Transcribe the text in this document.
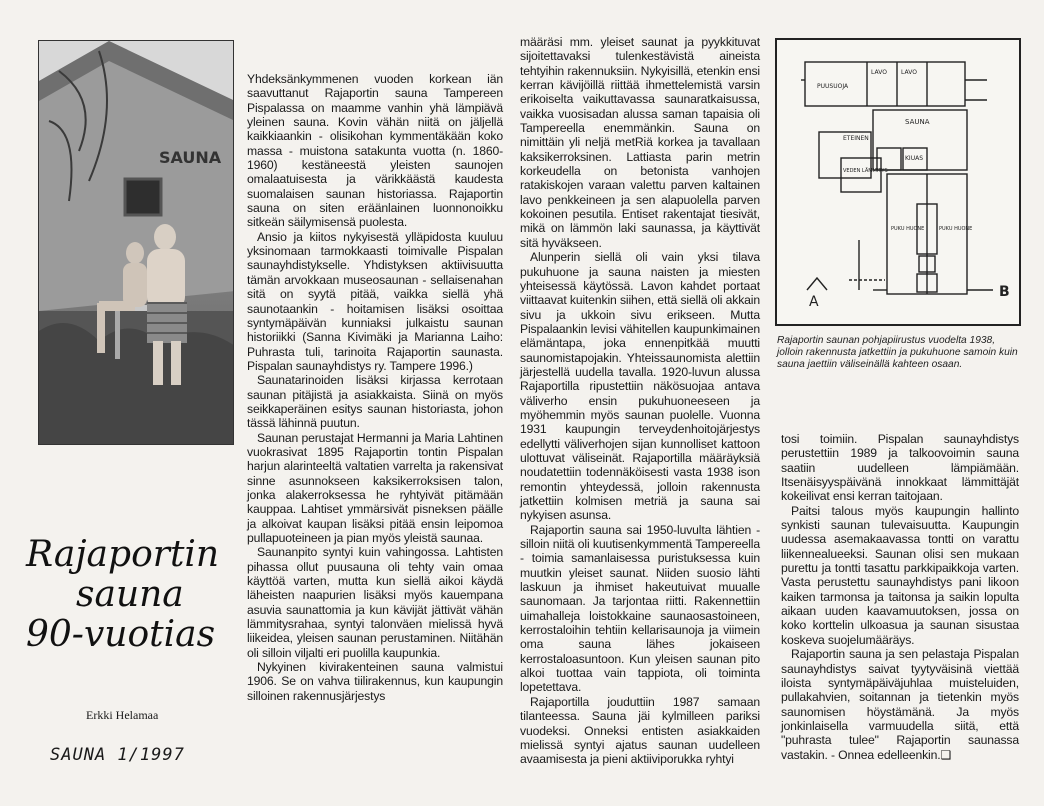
SAUNA
Rajaportin
sauna
90-vuotias
Erkki Helamaa
SAUNA 1/1997

Yhdeksänkymmenen vuoden korkean iän saavuttanut Rajaportin sauna Tampereen Pispalassa on maamme vanhin yhä lämpiävä yleinen sauna. Kovin vähän niitä on jäljellä kaikkiaankin - olisikohan kymmentäkään koko massa - muistona satakunta vuotta (n. 1860-1960) kestäneestä yleisten saunojen omalaatuisesta ja värikkäästä kaudesta suomalaisen saunan historiassa. Rajaportin sauna on siten eräänlainen luonnonoikku sitkeän säilymisensä puolesta.

Ansio ja kiitos nykyisestä ylläpidosta kuuluu yksinomaan tarmokkaasti toimivalle Pispalan saunayhdistykselle. Yhdistyksen aktiivisuutta tämän arvokkaan museosaunan - sellaisenahan sitä on syytä pitää, vaikka siellä yhä saunotaankin - hoitamisen lisäksi osoittaa syntymäpäivän kunniaksi julkaistu saunan historiikki (Sanna Kivimäki ja Marianna Laiho: Puhrasta tuli, tarinoita Rajaportin saunasta. Pispalan saunayhdistys ry. Tampere 1996.)

Saunatarinoiden lisäksi kirjassa kerrotaan saunan pitäjistä ja asiakkaista. Siinä on myös seikkaperäinen esitys saunan historiasta, johon tässä lähinnä puutun.

Saunan perustajat Hermanni ja Maria Lahtinen vuokrasivat 1895 Rajaportin tontin Pispalan harjun alarinteeltä valtatien varrelta ja rakensivat sinne asunnokseen kaksikerroksisen talon, jonka alakerroksessa he ryhtyivät pitämään kauppaa. Lahtiset ymmärsivät pisneksen päälle ja alkoivat kaupan lisäksi pitää ensin leipomoa pullapuoteineen ja pian myös yleistä saunaa.

Saunanpito syntyi kuin vahingossa. Lahtisten pihassa ollut puusauna oli tehty vain omaa käyttöä varten, mutta kun siellä aikoi käydä läheisten naapurien lisäksi myös kauempana asuvia saunattomia ja kun kävijät jättivät vähän lämmitysrahaa, syntyi talonväen mielissä hyvä liikeidea, yleisen saunan perustaminen. Niitähän oli silloin viljalti eri puolilla kaupunkia.

Nykyinen kivirakenteinen sauna valmistui 1906. Se on vahva tiilirakennus, kun kaupungin silloinen rakennusjärjestys

määräsi mm. yleiset saunat ja pyykkituvat sijoitettavaksi tulenkestävistä aineista tehtyihin rakennuksiin. Nykyisillä, etenkin ensi kerran kävijöillä riittää ihmettelemistä varsin erikoiselta vaikuttavassa saunaratkaisussa, vaikka vuosisadan alussa saman tapaisia oli Tampereella enemmänkin. Sauna on nimittäin yli neljä metRiä korkea ja tavallaan kaksikerroksinen. Lattiasta parin metrin korkeudella on betonista vanhojen ratakiskojen varaan valettu parven kaltainen lavo penkkeineen ja sen alapuolella parven kokoinen pesutila. Entiset rakentajat tiesivät, mikä on lämmön laki saunassa, ja käyttivät sitä hyväkseen.

Alunperin siellä oli vain yksi tilava pukuhuone ja sauna naisten ja miesten yhteisessä käytössä. Lavon kahdet portaat viittaavat kuitenkin siihen, että siellä oli akkain sivu ja ukkoin sivu erikseen. Mutta Pispalaankin levisi vähitellen kaupunkimainen elämäntapa, joka ennenpitkää muutti saunomistapojakin. Yhteissaunomista alettiin järjestellä uudella tavalla. 1920-luvun alussa Rajaportilla ripustettiin näkösuojaa antava väliverho ensin pukuhuoneeseen ja myöhemmin myös saunan puolelle. Vuonna 1931 kaupungin terveydenhoitojärjestys edellytti väliverhojen sijan kunnolliset kattoon ulottuvat väliseinät. Rajaportilla määräyksiä noudatettiin todennäköisesti vasta 1938 ison remontin yhteydessä, jolloin rakennusta jatkettiin kolmisen metriä ja sauna sai nykyisen asunsa.

Rajaportin sauna sai 1950-luvulta lähtien - silloin niitä oli kuutisenkymmentä Tampereella - toimia samanlaisessa puristuksessa kuin muutkin yleiset saunat. Niiden suosio lähti laskuun ja ihmiset hakeutuivat muualle saunomaan. Ja tarjontaa riitti. Rakennettiin uimahalleja loistokkaine saunaosastoineen, kerrostaloihin tehtiin kellarisaunoja ja viimein oma sauna lähes jokaiseen kerrostaloasuntoon. Kun yleisen saunan pito alkoi tuottaa vain tappiota, oli toiminta lopetettava.

Rajaportilla jouduttiin 1987 samaan tilanteessa. Sauna jäi kylmilleen pariksi vuodeksi. Onneksi entisten asiakkaiden mielissä syntyi ajatus saunan uudelleen avaamisesta ja pieni aktiiviporukka ryhtyi

PUUSUOJA
LAVO LAVO
SAUNA
ETEINEN
KIUAS
VEDEN LÄMMITYS
PUKU HUONE	PUKU HUONE
A
B
Rajaportin saunan pohjapiirustus vuodelta 1938, jolloin rakennusta jatkettiin ja pukuhuone samoin kuin sauna jaettiin väliseinällä kahteen osaan.

tosi toimiin. Pispalan saunayhdistys perustettiin 1989 ja talkoovoimin sauna saatiin uudelleen lämpiämään. Itsenäisyyspäivänä innokkaat lämmittäjät kokeilivat ensi kerran taitojaan.

Paitsi talous myös kaupungin hallinto synkisti saunan tulevaisuutta. Kaupungin uudessa asemakaavassa tontti on varattu liikennealueeksi. Saunan olisi sen mukaan purettu ja tontti tasattu parkkipaikkoja varten. Vasta perustettu saunayhdistys pani likoon kaiken tarmonsa ja taitonsa ja saikin lopulta aikaan uuden kaavamuutoksen, jossa on koko korttelin ulkoasua ja saunan sisustaa koskeva suojelumääräys.

Rajaportin sauna ja sen pelastaja Pispalan saunayhdistys saivat tyytyväisinä viettää iloista syntymäpäiväjuhlaa muisteluiden, pullakahvien, soitannan ja tietenkin myös saunomisen höystämänä. Ja myös jonkinlaisella varmuudella siitä, että "puhrasta tulee" Rajaportin saunassa vastakin. - Onnea edelleenkin.❑
